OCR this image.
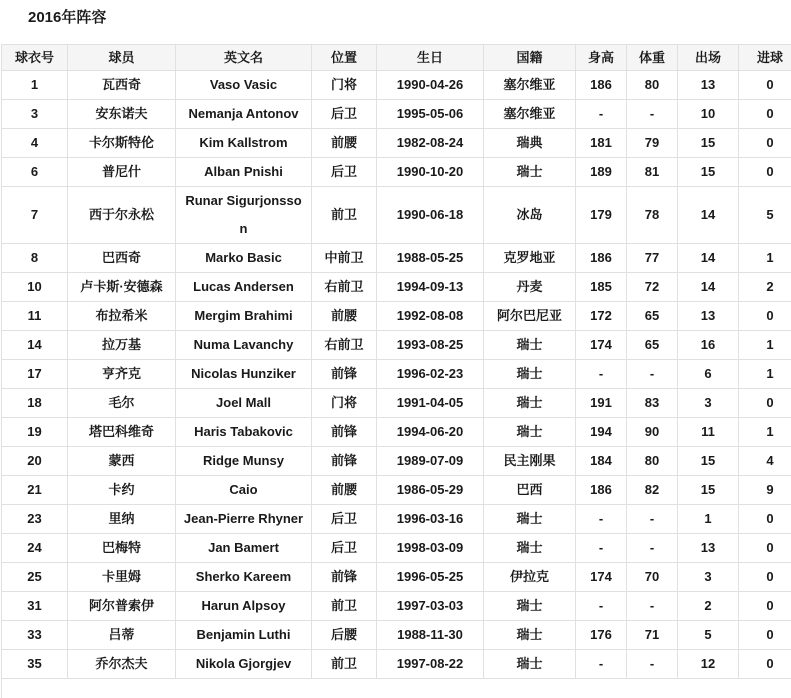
2016年阵容
球衣号	球员	英文名	位置	生日	国籍	身高	体重	出场	进球
1	瓦西奇	Vaso Vasic	门将	1990-04-26	塞尔维亚	186	80	13	0
3	安东诺夫	Nemanja Antonov	后卫	1995-05-06	塞尔维亚	-	-	10	0
4	卡尔斯特伦	Kim Kallstrom	前腰	1982-08-24	瑞典	181	79	15	0
6	普尼什	Alban Pnishi	后卫	1990-10-20	瑞士	189	81	15	0
7	西于尔永松	Runar Sigurjonsson	前卫	1990-06-18	冰岛	179	78	14	5
8	巴西奇	Marko Basic	中前卫	1988-05-25	克罗地亚	186	77	14	1
10	卢卡斯·安德森	Lucas Andersen	右前卫	1994-09-13	丹麦	185	72	14	2
11	布拉希米	Mergim Brahimi	前腰	1992-08-08	阿尔巴尼亚	172	65	13	0
14	拉万基	Numa Lavanchy	右前卫	1993-08-25	瑞士	174	65	16	1
17	亨齐克	Nicolas Hunziker	前锋	1996-02-23	瑞士	-	-	6	1
18	毛尔	Joel Mall	门将	1991-04-05	瑞士	191	83	3	0
19	塔巴科维奇	Haris Tabakovic	前锋	1994-06-20	瑞士	194	90	11	1
20	蒙西	Ridge Munsy	前锋	1989-07-09	民主刚果	184	80	15	4
21	卡约	Caio	前腰	1986-05-29	巴西	186	82	15	9
23	里纳	Jean-Pierre Rhyner	后卫	1996-03-16	瑞士	-	-	1	0
24	巴梅特	Jan Bamert	后卫	1998-03-09	瑞士	-	-	13	0
25	卡里姆	Sherko Kareem	前锋	1996-05-25	伊拉克	174	70	3	0
31	阿尔普索伊	Harun Alpsoy	前卫	1997-03-03	瑞士	-	-	2	0
33	吕蒂	Benjamin Luthi	后腰	1988-11-30	瑞士	176	71	5	0
35	乔尔杰夫	Nikola Gjorgjev	前卫	1997-08-22	瑞士	-	-	12	0
